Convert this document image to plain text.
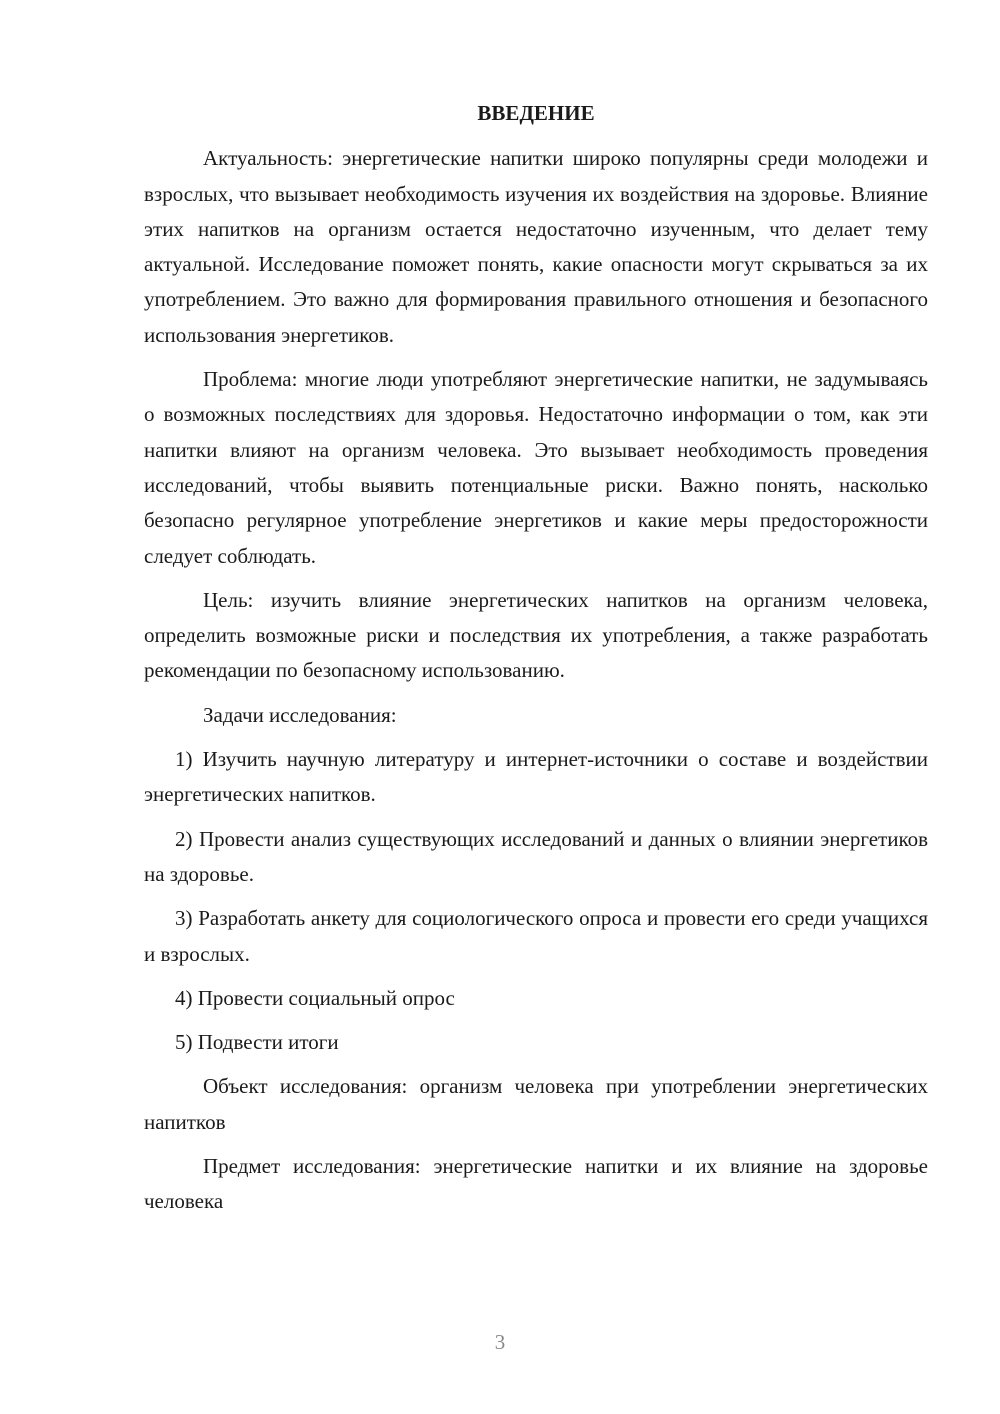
ВВЕДЕНИЕ

Актуальность: энергетические напитки широко популярны среди молодежи и взрослых, что вызывает необходимость изучения их воздействия на здоровье. Влияние этих напитков на организм остается недостаточно изученным, что делает тему актуальной. Исследование поможет понять, какие опасности могут скрываться за их употреблением. Это важно для формирования правильного отношения и безопасного использования энергетиков.

Проблема: многие люди употребляют энергетические напитки, не задумываясь о возможных последствиях для здоровья. Недостаточно информации о том, как эти напитки влияют на организм человека. Это вызывает необходимость проведения исследований, чтобы выявить потенциальные риски. Важно понять, насколько безопасно регулярное употребление энергетиков и какие меры предосторожности следует соблюдать.

Цель: изучить влияние энергетических напитков на организм человека, определить возможные риски и последствия их употребления, а также разработать рекомендации по безопасному использованию.

Задачи исследования:

1) Изучить научную литературу и интернет-источники о составе и воздействии энергетических напитков.

2) Провести анализ существующих исследований и данных о влиянии энергетиков на здоровье.

3) Разработать анкету для социологического опроса и провести его среди учащихся и взрослых.

4) Провести социальный опрос

5) Подвести итоги

Объект исследования: организм человека при употреблении энергетических напитков

Предмет исследования: энергетические напитки и их влияние на здоровье человека

3
